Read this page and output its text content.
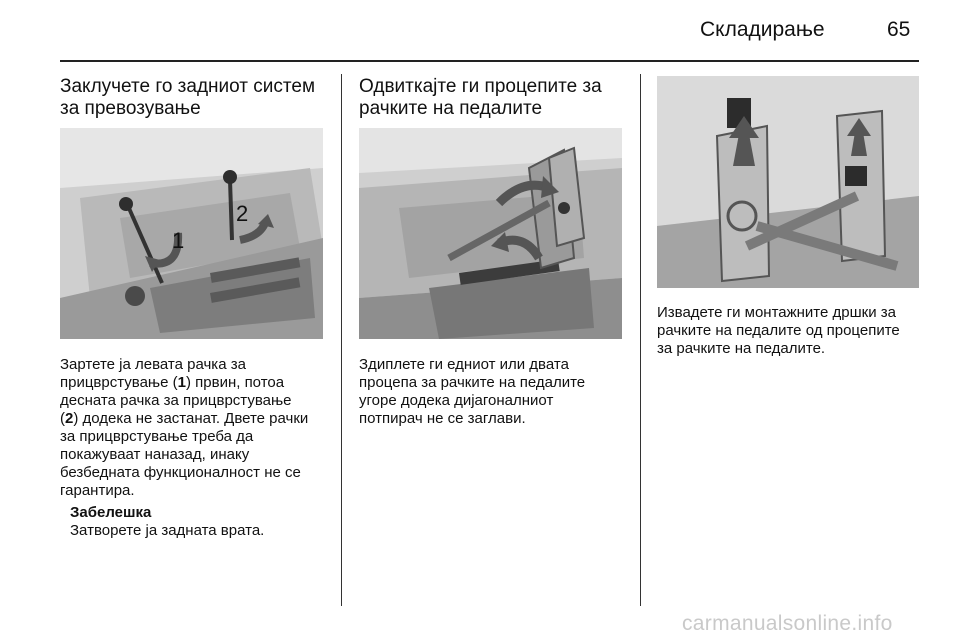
Складирање	65
Заклучете го задниот систем
за превозување
1
2
Зартете ја левата рачка за
прицврстување (1) првин, потоа
десната рачка за прицврстување
(2) додека не застанат. Двете рачки
за прицврстување треба да
покажуваат наназад, инаку
безбедната функционалност не се
гарантира.
Забелешка
Затворете ја задната врата.
Одвиткајте ги процепите за
рачките на педалите
Здиплете ги едниот или двата
процепа за рачките на педалите
угоре додека дијагоналниот
потпирач не се заглави.
Извадете ги монтажните дршки за
рачките на педалите од процепите
за рачките на педалите.
carmanualsonline.info
